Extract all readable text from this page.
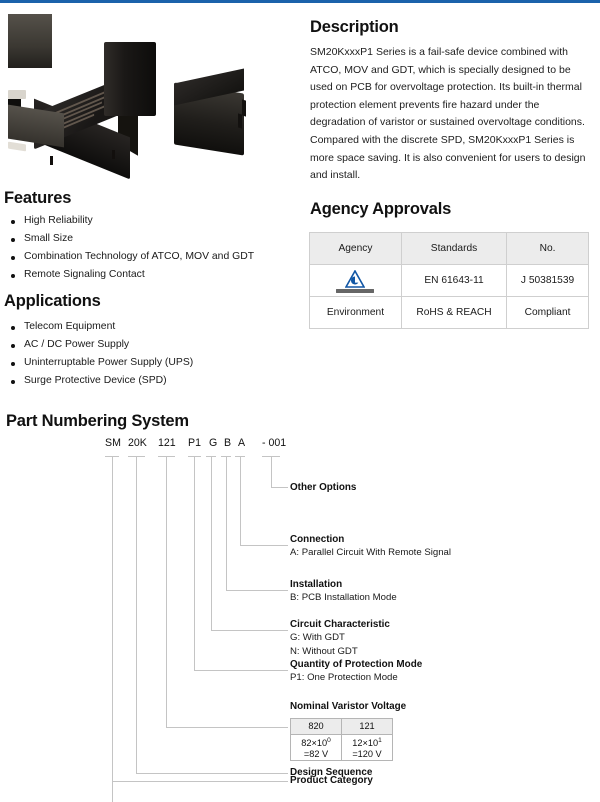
Features
High Reliability
Small Size
Combination Technology of ATCO, MOV and GDT
Remote Signaling Contact
Applications
Telecom Equipment
AC / DC Power Supply
Uninterruptable Power Supply (UPS)
Surge Protective Device (SPD)
Description
SM20KxxxP1 Series is a fail-safe device combined with ATCO, MOV and GDT, which is specially designed to be used on PCB for overvoltage protection. Its built-in thermal protection element prevents fire hazard under the degradation of varistor or sustained overvoltage conditions. Compared with the discrete SPD, SM20KxxxP1 Series is more space saving. It is also convenient for users to design and install.
Agency Approvals
Agency	Standards	No.

	EN 61643-11	J 50381539
Environment	RoHS & REACH	Compliant
Part Numbering System
SM 20K 121 P1 G B A - 001
Other Options
Connection
A: Parallel Circuit With Remote Signal
Installation
B: PCB Installation Mode
Circuit Characteristic
G: With GDT
N: Without GDT
Quantity of Protection Mode
P1: One Protection Mode
Nominal Varistor Voltage
820	121
$82\times 10^0$
=82 V	$12\times 10^1$
=120 V
Design Sequence
Product Category
